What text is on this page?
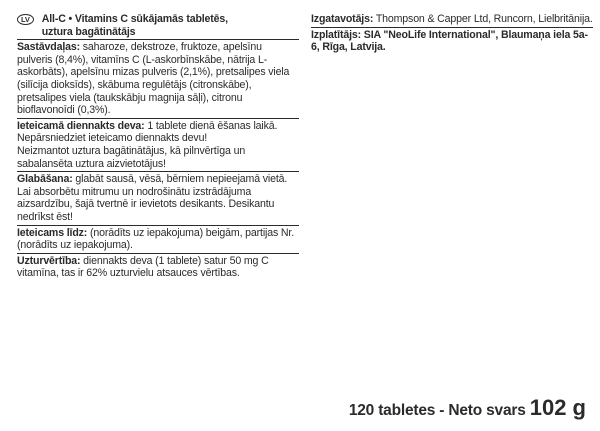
LV	All-C • Vitamins C sūkājamās tabletēs,
uztura bagātinātājs
Sastāvdaļas: saharoze, dekstroze, fruktoze, apelsīnu pulveris (8,4%), vitamīns C (L-askorbīnskābe, nātrija L-askorbāts), apelsīnu mizas pulveris (2,1%), pretsalipes viela (silīcija dioksīds), skābuma regulētājs (citronskābe), pretsalipes viela (taukskābju magnija sāļi), citronu bioflavonoīdi (0,3%).
Ieteicamā diennakts deva: 1 tablete dienā ēšanas laikā.
Nepārsniedziet ieteicamo diennakts devu!
Neizmantot uztura bagātinātājus, kā pilnvērtīga un sabalansēta uztura aizvietotājus!
Glabāšana: glabāt sausā, vēsā, bērniem nepieejamā vietā. Lai absorbētu mitrumu un nodrošinātu izstrādājuma aizsardzību, šajā tvertnē ir ievietots desikants. Desikantu nedrīkst ēst!
Ieteicams līdz: (norādīts uz iepakojuma) beigām, partijas Nr. (norādīts uz iepakojuma).
Uzturvērtība: diennakts deva (1 tablete) satur 50 mg C vitamīna, tas ir 62% uzturvielu atsauces vērtības.
Izgatavotājs: Thompson & Capper Ltd, Runcorn, Lielbritānija.
Izplatītājs: SIA "NeoLife International", Blaumaņa iela 5a-6, Rīga, Latvija.
120 tabletes - Neto svars 102 g
